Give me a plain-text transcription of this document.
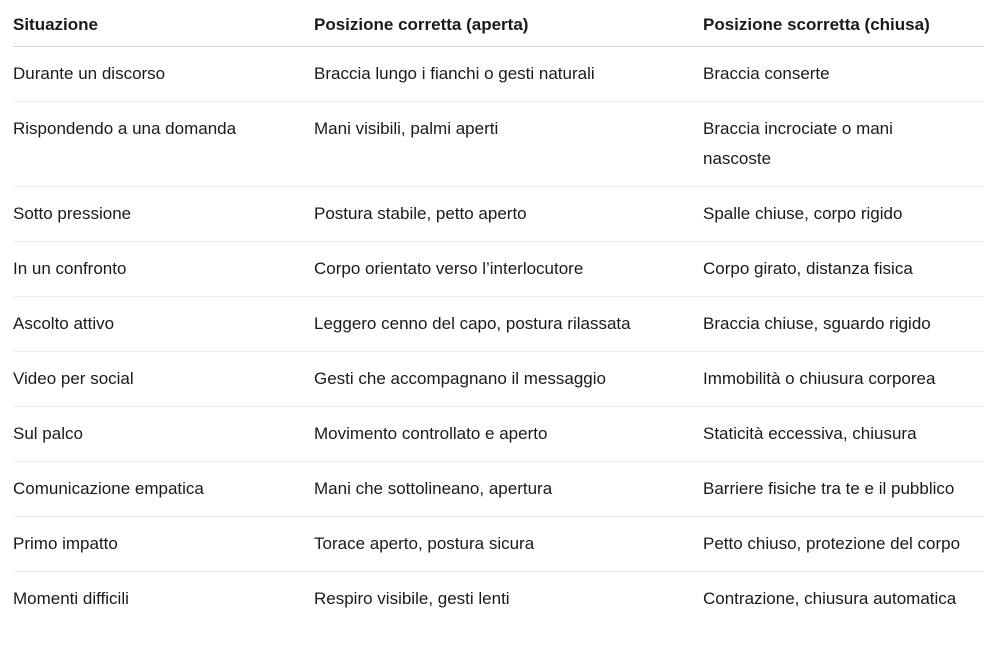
Situazione	Posizione corretta (aperta)	Posizione scorretta (chiusa)
Durante un discorso	Braccia lungo i fianchi o gesti naturali	Braccia conserte
Rispondendo a una domanda	Mani visibili, palmi aperti	Braccia incrociate o mani nascoste
Sotto pressione	Postura stabile, petto aperto	Spalle chiuse, corpo rigido
In un confronto	Corpo orientato verso l’interlocutore	Corpo girato, distanza fisica
Ascolto attivo	Leggero cenno del capo, postura rilassata	Braccia chiuse, sguardo rigido
Video per social	Gesti che accompagnano il messaggio	Immobilità o chiusura corporea
Sul palco	Movimento controllato e aperto	Staticità eccessiva, chiusura
Comunicazione empatica	Mani che sottolineano, apertura	Barriere fisiche tra te e il pubblico
Primo impatto	Torace aperto, postura sicura	Petto chiuso, protezione del corpo
Momenti difficili	Respiro visibile, gesti lenti	Contrazione, chiusura automatica
